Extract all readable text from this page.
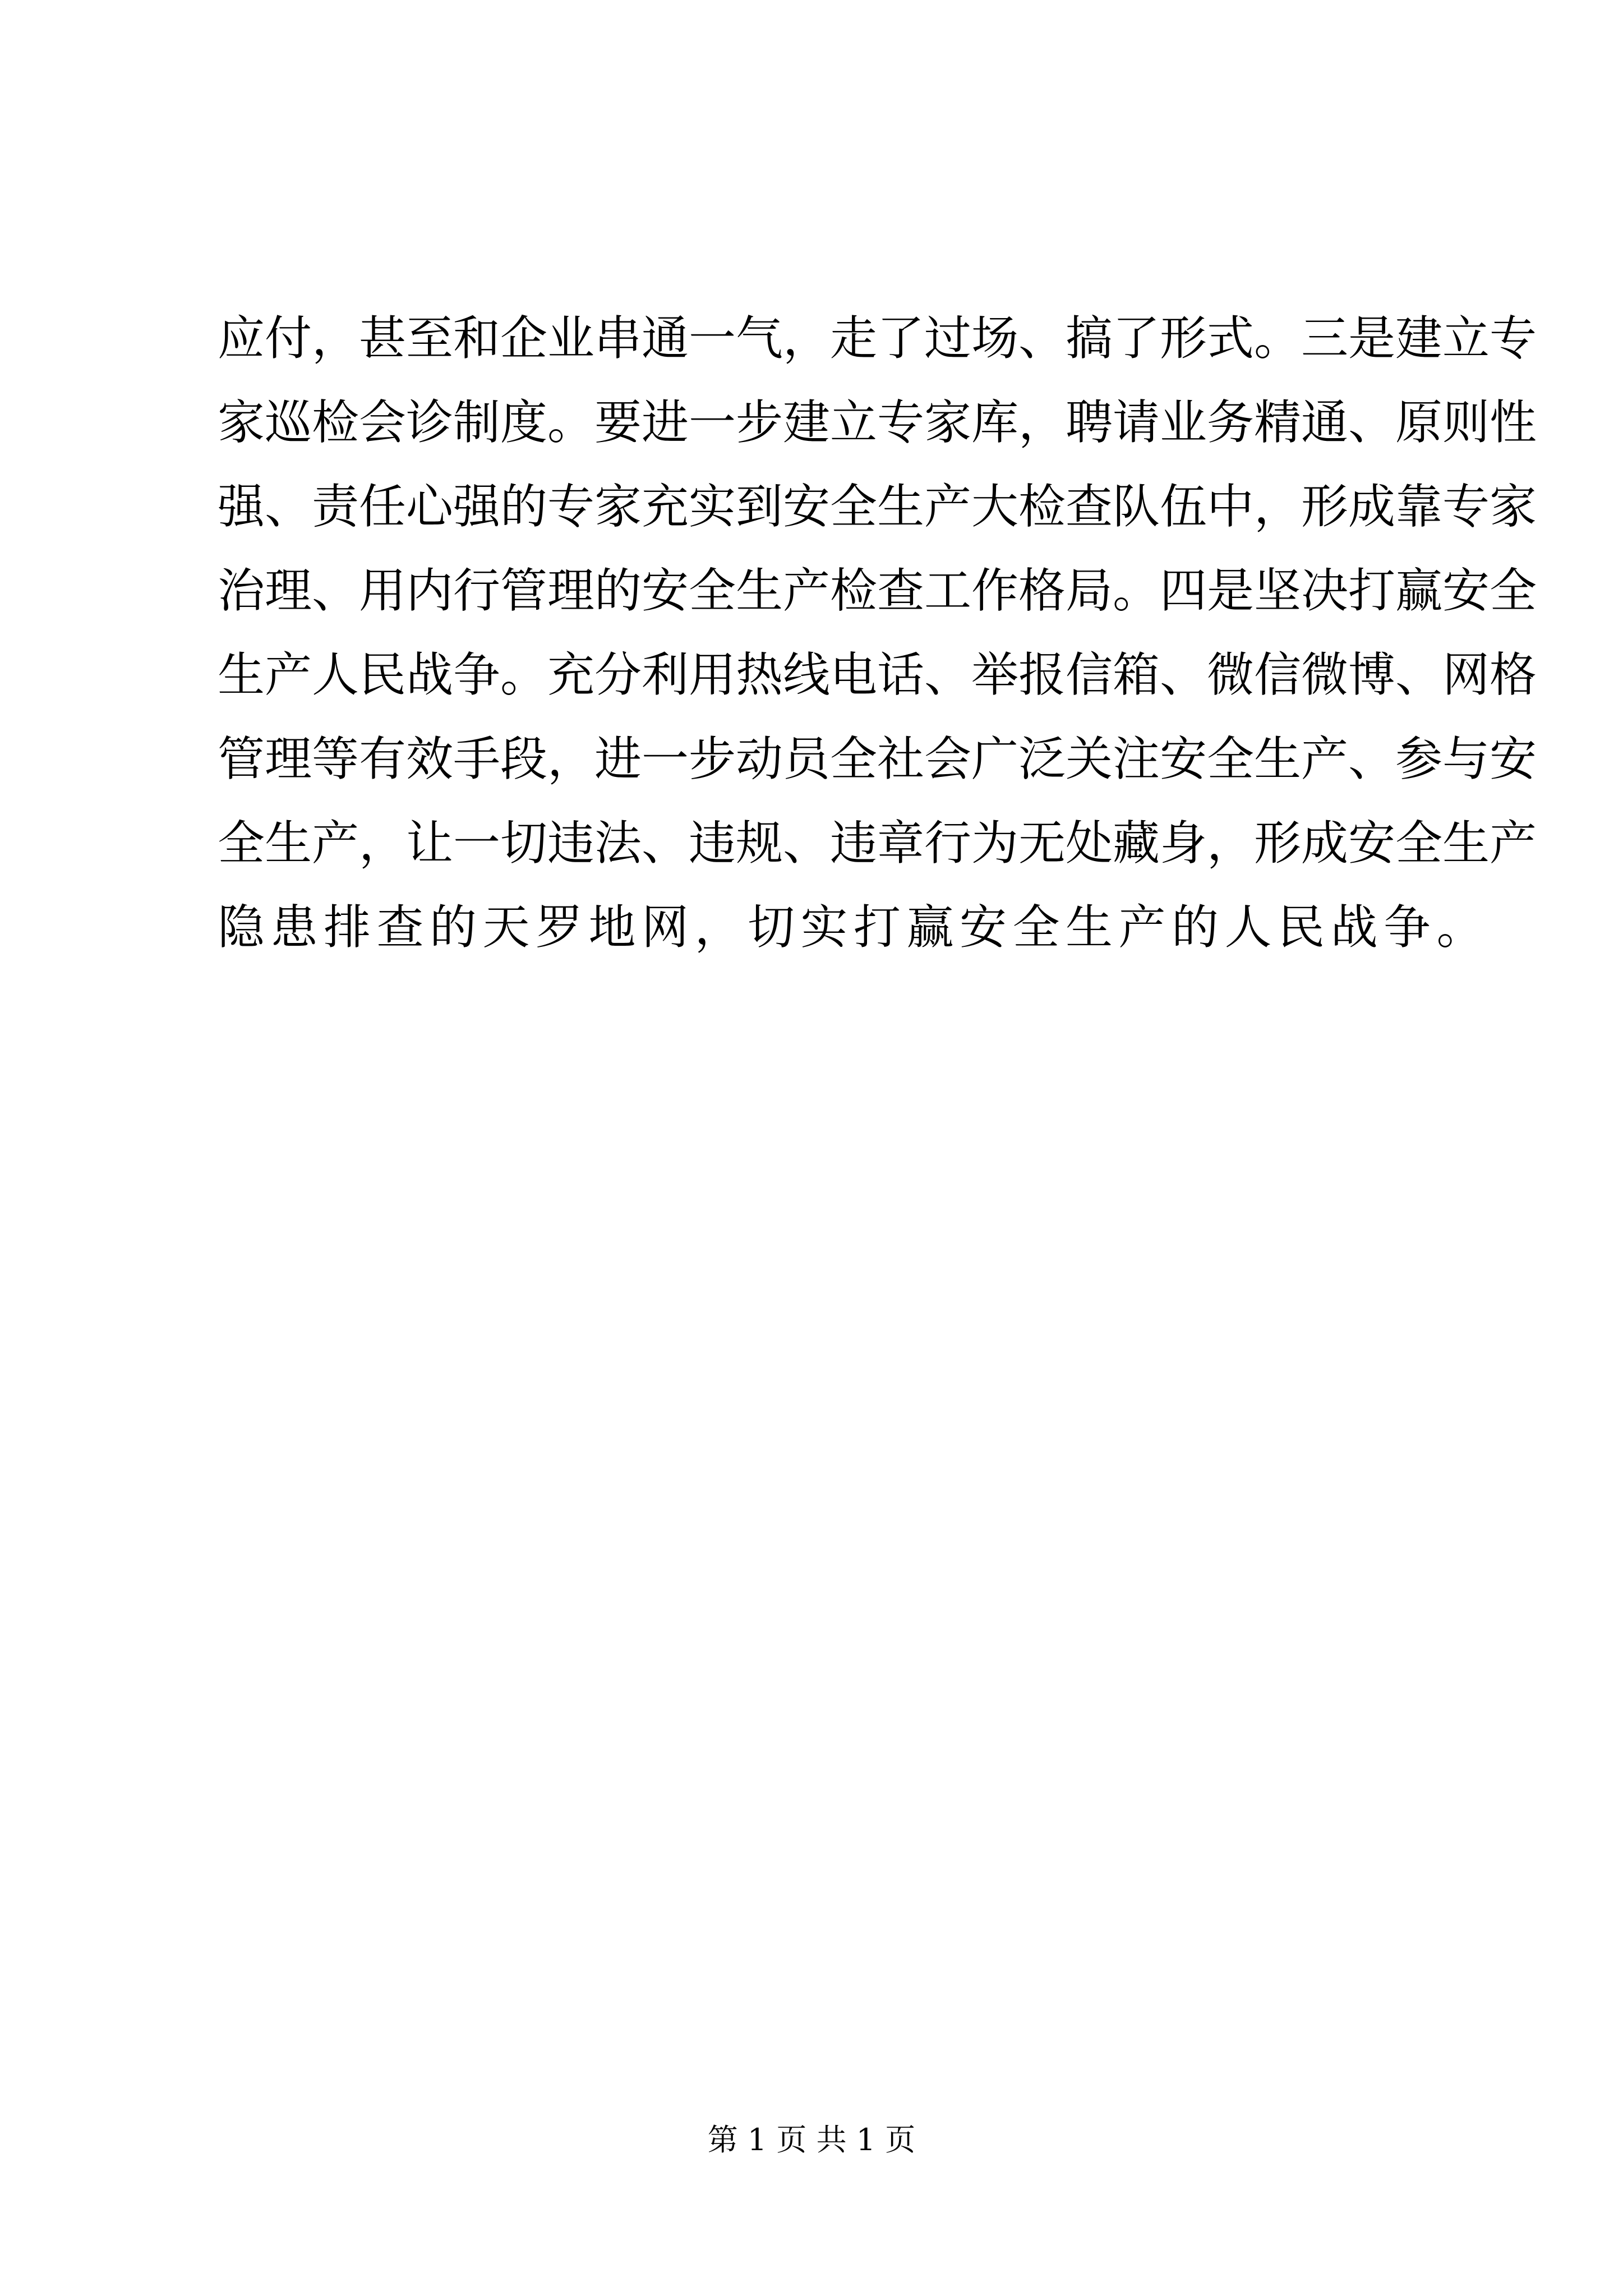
应付，甚至和企业串通一气，走了过场、搞了形式。三是建立专
家巡检会诊制度。要进一步建立专家库，聘请业务精通、原则性
强、责任心强的专家充实到安全生产大检查队伍中，形成靠专家
治理、用内行管理的安全生产检查工作格局。四是坚决打赢安全
生产人民战争。充分利用热线电话、举报信箱、微信微博、网格
管理等有效手段，进一步动员全社会广泛关注安全生产、参与安
全生产，让一切违法、违规、违章行为无处藏身，形成安全生产
隐患排查的天罗地网，切实打赢安全生产的人民战争。
第 1 页 共 1 页
